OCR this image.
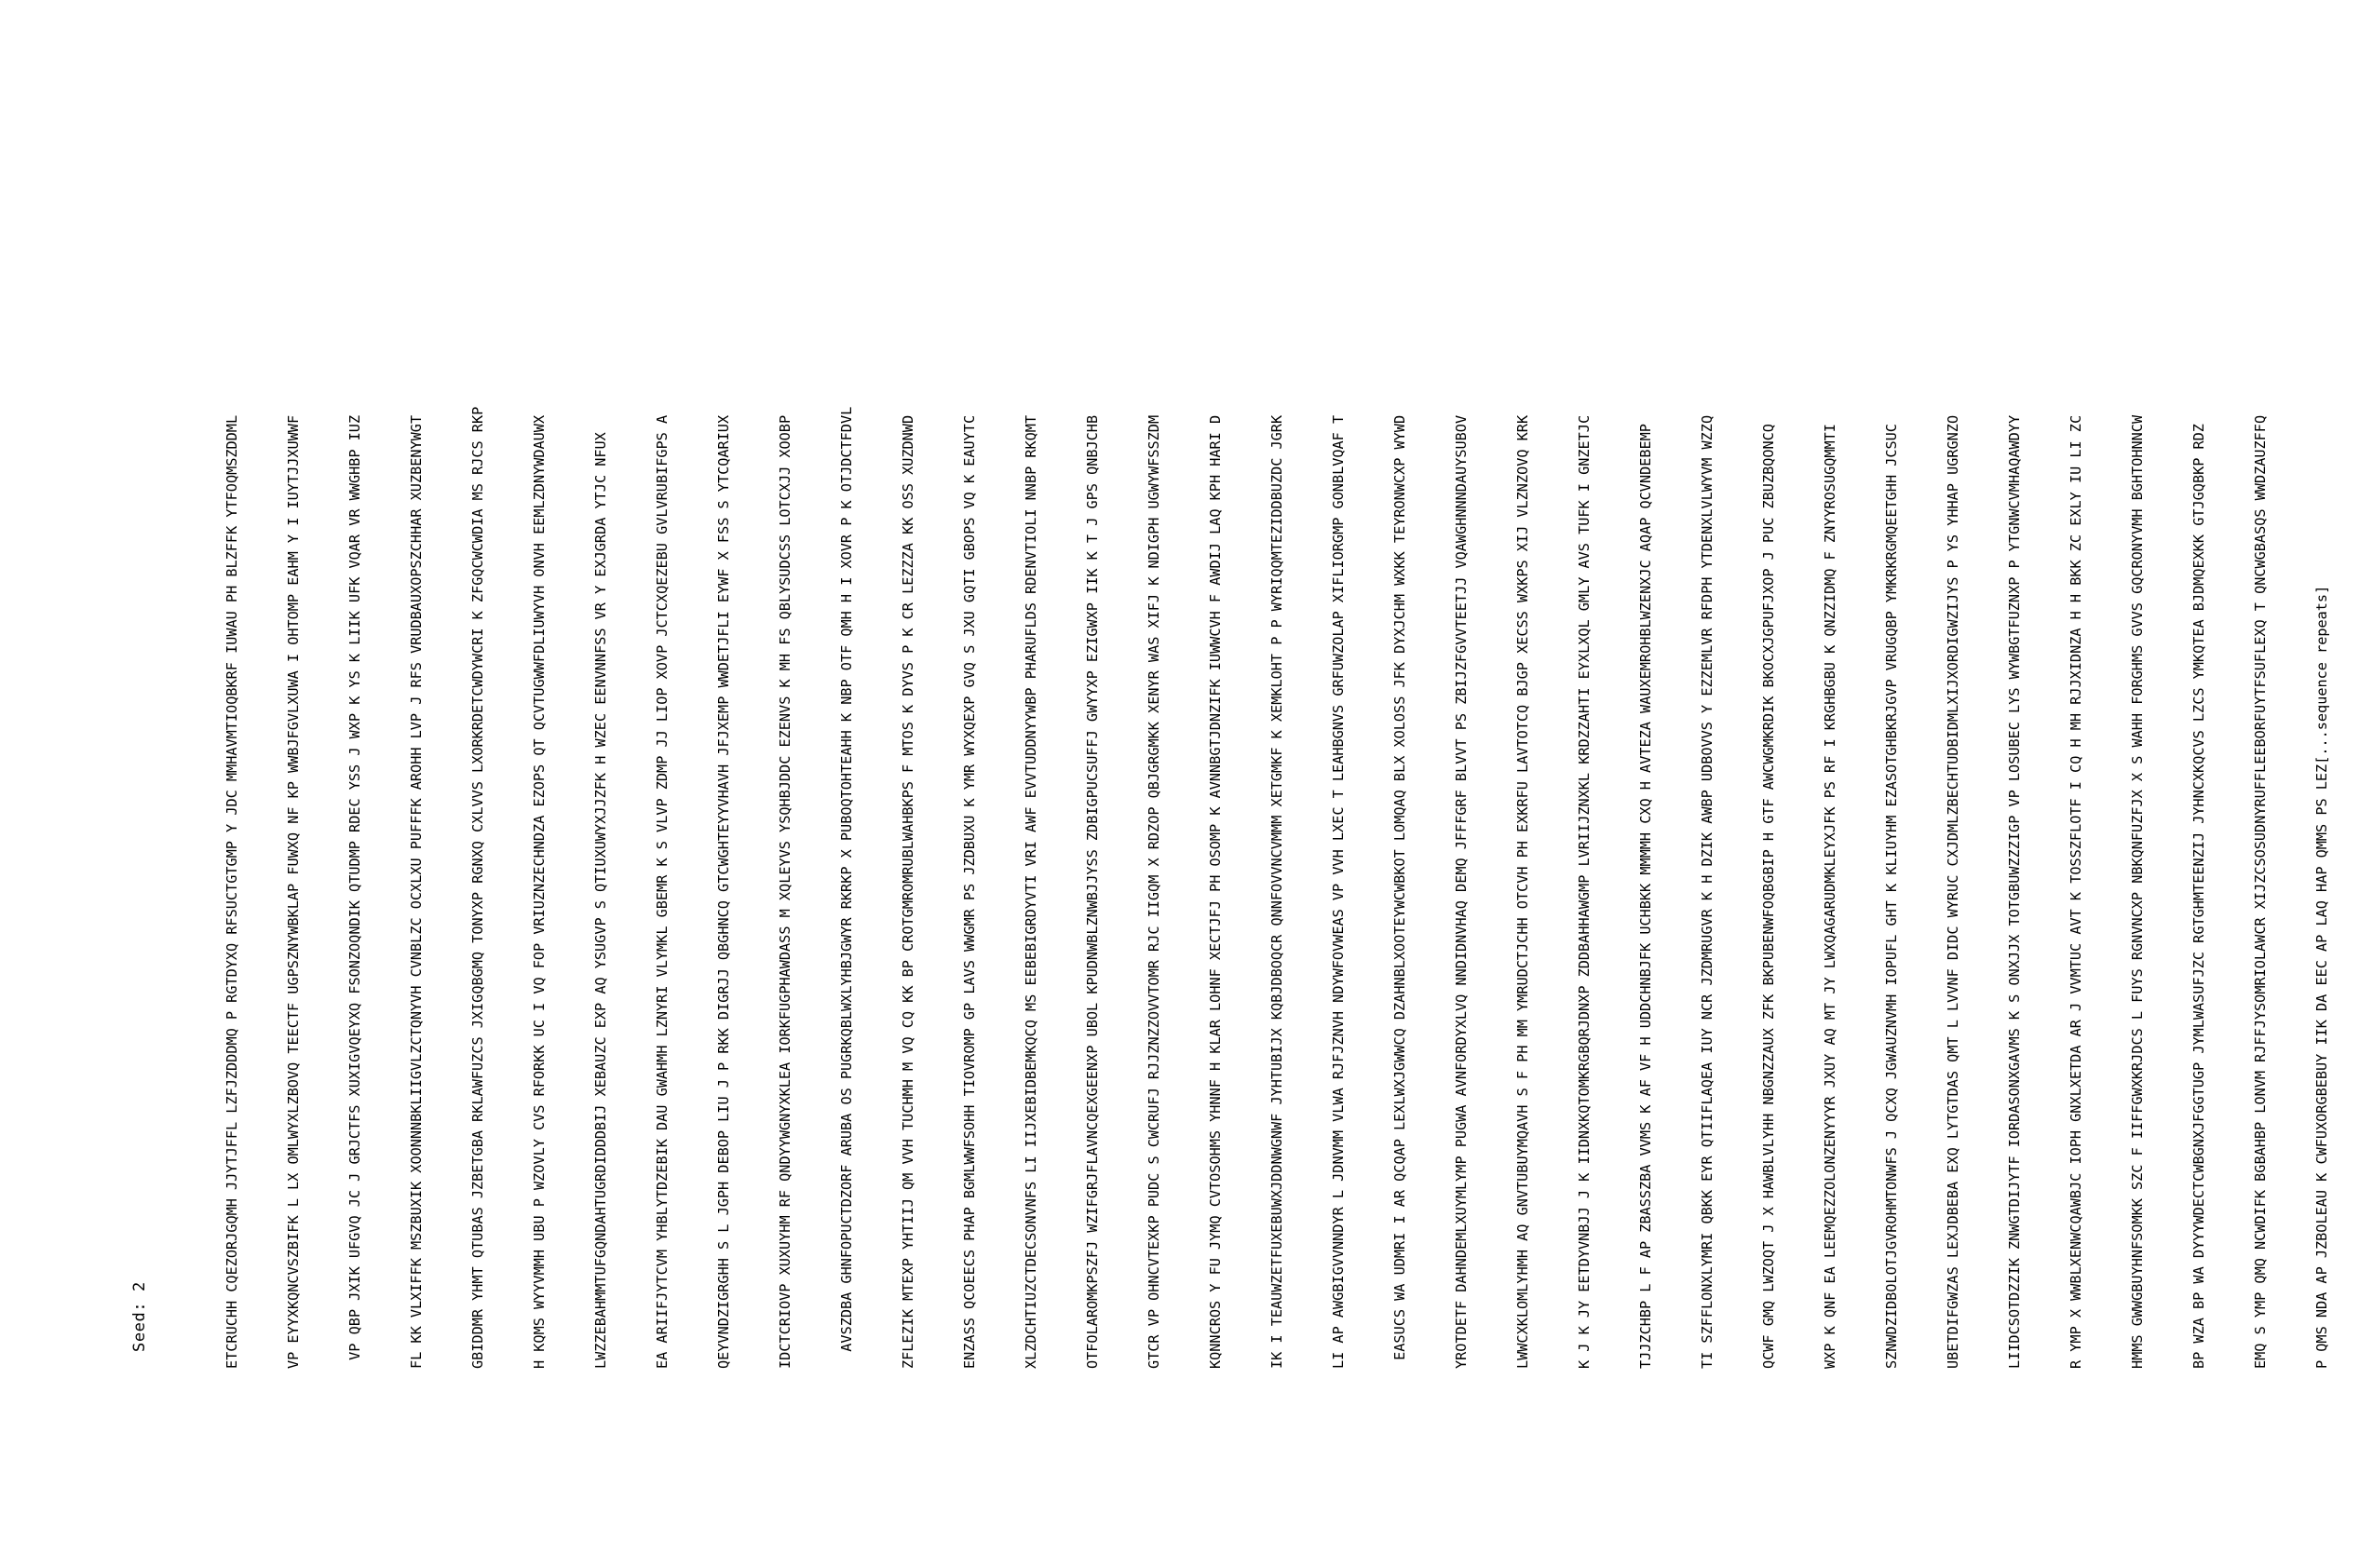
Seed: 2

	ETCRUCHH CQEZORJGQMH JJYTJFFL LZFJZDDDMQ P RGTDYXQ RFSUCTGTGMP Y JDC MMHAVMTIOQBKRF IUWAU PH BLZFFK YTFOQMSZDDML

	VP EYYXKQNCVSZBIFK L LX OMLWYXLZBOVQ TEECTF UGPSZNYWBKLAP FUWXQ NF KP WWBJFGVLXUWA I OHTOMP EAHM Y I IUYTJJXUWWF

	VP QBP JXIK UFGVQ JC J GRJCTFS XUXIGVQEYXQ FSONZOQNDIK QTUDMP RDEC YSS J WXP K YS K LIIK UFK VQAR VR WWGHBP IUZ

	FL KK VLXIFFK MSZBUXIK XOONNNBKLIIGVLZCTQNYVH CVNBLZC OCXLXU PUFFFK AROHH LVP J RFS VRUDBAUXOPSZCHHAR XUZBENYWGT

	GBIDDMR YHMT QTUBAS JZBETGBA RKLAWFUZCS JXIGQBGMQ TONYXP RGNXQ CXLVVS LXORKRDETCWDYWCRI K ZFGQCWCWDIA MS RJCS RKP

	H KQMS WYYVMMH UBU P WZOVLY CVS RFORKK UC I VQ FOP VRIUZNZECHNDZA EZOPS QT QCVTUGWWFDLIUWYVH ONVH EEMLZDNYWDAUWX

	LWZZEBAHMMTUFGQNDAHTUGRDIDDDBIJ XEBAUZC EXP AQ YSUGVP S QTIUXUWYXJJZFK H WZEC EENVNNFSS VR Y EXJGRDA YTJC NFUX

	EA ARIIFJYTCVM YHBLYTDZEBIK DAU GWAHMH LZNYRI VLYMKL GBEMR K S VLVP ZDMP JJ LIOP XOVP JCTCXQEZEBU GVLVRUBIFGPS A

	QEYVNDZIGRGHH S L JGPH DEBOP LIU J P RKK DIGRJJ QBGHNCQ GTCWGHTEYYVHAVH JFJXEMP WWDETJFLI EYWF X FSS S YTCQARIUX

	IDCTCRIOVP XUXUYHM RF QNDYYWGNYXKLEA IORKFUGPHAWDASS M XQLEYVS YSQHBJDDC EZENVS K MH FS QBLYSUDCSS LOTCXJJ XOOBP

	AVSZDBA GHNFOPUCTDZORF ARUBA OS PUGRKQBLWXLYHBJGWYR RKRKP X PUBOQTOHTEAHH K NBP OTF QMH H I XOVR P K OTJDCTFDVL

	ZFLEZIK MTEXP YHTIIJ QM VVH TUCHMH M VQ CQ KK BP CROTGMROMRUBLWAHBKPS F MTOS K DYVS P K CR LEZZZA KK OSS XUZDNWD

	ENZASS QCOEECS PHAP BGMLWWFSOHH TIOVROMP GP LAVS WWGMR PS JZDBUXU K YMR WYXQEXP GVQ S JXU GQTI GBOPS VQ K EAUYTC

	XLZDCHTIUZCTDECSONVNFS LI IIJXEBIDBEMKQCQ MS EEBEBIGRDYVTI VRI AWF EVVTUDDNYYWBP PHARUFLDS RDENVTIOLI NNBP RKQMT

	OTFOLAROMKPSZFJ WZIFGRJFLAVNCQEXGEENXP UBOL KPUDNWBLZNWBJJYSS ZDBIGPUCSUFFJ GWYYXP EZIGWXP IIK K T J GPS QNBJCHB

	GTCR VP OHNCVTEXKP PUDC S CWCRUFJ RJJZNZZOVVTOMR RJC IIGQM X RDZOP QBJGRGMKK XENYR WAS XIFJ K NDIGPH UGWYWFSSZDM

	KQNNCROS Y FU JYMQ CVTOSOHMS YHNNF H KLAR LOHNF XECTJFJ PH OSOMP K AVNNBGTJDNZIFK IUWWCVH F AWDIJ LAQ KPH HARI D

	IK I TEAUWZETFUXEBUWXJDDNWGNWF JYHTUBIJX KQBJDBOQCR QNNFOVVNCVMMM XETGMKF K XEMKLOHT P P WYRIQQMTEZIDDBUZDC JGRK

	LI AP AWGBIGVVNNDYR L JDNVMM VLWA RJFJZNVH NDYWFOVWEAS VP VVH LXEC T LEAHBGNVS GRFUWZOLAP XIFLIORGMP GONBLVQAF T

	EASUCS WA UDMRI I AR QCQAP LEXLWXJGWWCQ DZAHNBLXOOTEYWCWBKOT LOMQAQ BLX XOLOSS JFK DYXJCHM WXKK TEYRONWCXP WYWD

	YROTDETF DAHNDEMLXUYMLYMP PUGWA AVNFORDYXLVQ NNDIDNVHAQ DEMQ JFFFGRF BLVVT PS ZBIJZFGVVTEETJJ VQAWGHNNNDAUYSUBOV

	LWWCXKLOMLYHMH AQ GNVTUBUYMQAVH S F PH MM YMRUDCTJCHH OTCVH PH EXKRFU LAVTOTCQ BJGP XECSS WXKPS XIJ VLZNZOVQ KRK

	K J K JY EETDYVNBJJ J K IIDNXKQTOMKRGBQRJDNXP ZDDBAHHAWGMP LVRIIJZNXKL KRDZZAHTI EYXLXQL GMLY AVS TUFK I GNZETJC

	TJJZCHBP L F AP ZBASSZBA VVMS K AF VF H UDDCHNBJFK UCHBKK MMMMH CXQ H AVTEZA WAUXEMROHBLWZENXJC AQAP QCVNDEBEMP

	TI SZFFLONXLYMRI QBKK EYR QTIIFLAQEA IUY NCR JZDMRUGVR K H DZIK AWBP UDBOVVS Y EZZEMLVR RFDPH YTDENXLVLWYVM WZZQ

	QCWF GMQ LWZOQT J X HAWBLVLYHH NBGNZZAUX ZFK BKPUBENWFOQBGBIP H GTF AWCWGMKRDIK BKOCXJGPUFJXOP J PUC ZBUZBQONCQ

	WXP K QNF EA LEEMQEZZOLONZENYYYR JXUY AQ MT JY LWXQAGARUDMKLEYXJFK PS RF I KRGHBGBU K QNZZIDMQ F ZNYYROSUGQMMTI

	SZNWDZIDBOLOTJGVROHMTONWFS J QCXQ JGWAUZNVMH IOPUFL GHT K KLIUYHM EZASOTGHBKRJGVP VRUGQBP YMKRKRGMQEETGHH JCSUC

	UBETDIFGWZAS LEXJDBEBA EXQ LYTGTDAS QMT L LVVNF DIDC WYRUC CXJDMLZBECHTUDBIDMLXIJXORDIGWZIJYS P YS YHHAP UGRGNZO

	LIIDCSOTDZZIK ZNWGTDIJYTF IORDASONXGAVMS K S ONXJJX TOTGBUWZZZIGP VP LOSUBEC LYS WYWBGTFUZNXP P YTGNWCVMHAQAWDYY

	R YMP X WWBLXENWCQAWBJC IOPH GNXLXETDA AR J VVMTUC AVT K TOSSZFLOTF I CQ H MH RJJXIDNZA H H BKK ZC EXLY IU LI ZC

	HMMS GWWGBUYHNFSOMKK SZC F IIFFGWXKRJDCS L FUYS RGNVNCXP NBKQNFUZFJX X S WAHH FORGHMS GVVS GQCRONYVMH BGHTOHNNCW

	BP WZA BP WA DYYYWDECTCWBGNXJFGGTUGP JYMLWASUFJZC RGTGHMTEENZIJ JYHNCXKQCVS LZCS YMKQTEA BJDMQEXKK GTJGQBKP RDZ

	EMQ S YMP QMQ NCWDIFK BGBAHBP LONVM RJFFJYSOMRIOLAWCR XIJZCSOSUDNYRUFFLEEBORFUYTFSUFLEXQ T QNCWGBASQS WWDZAUZFFQ

	P QMS NDA AP JZBOLEAU K CWFUXORGBEBUY IIK DA EEC AP LAQ HAP QMMS PS LEZ[...sequence repeats]
